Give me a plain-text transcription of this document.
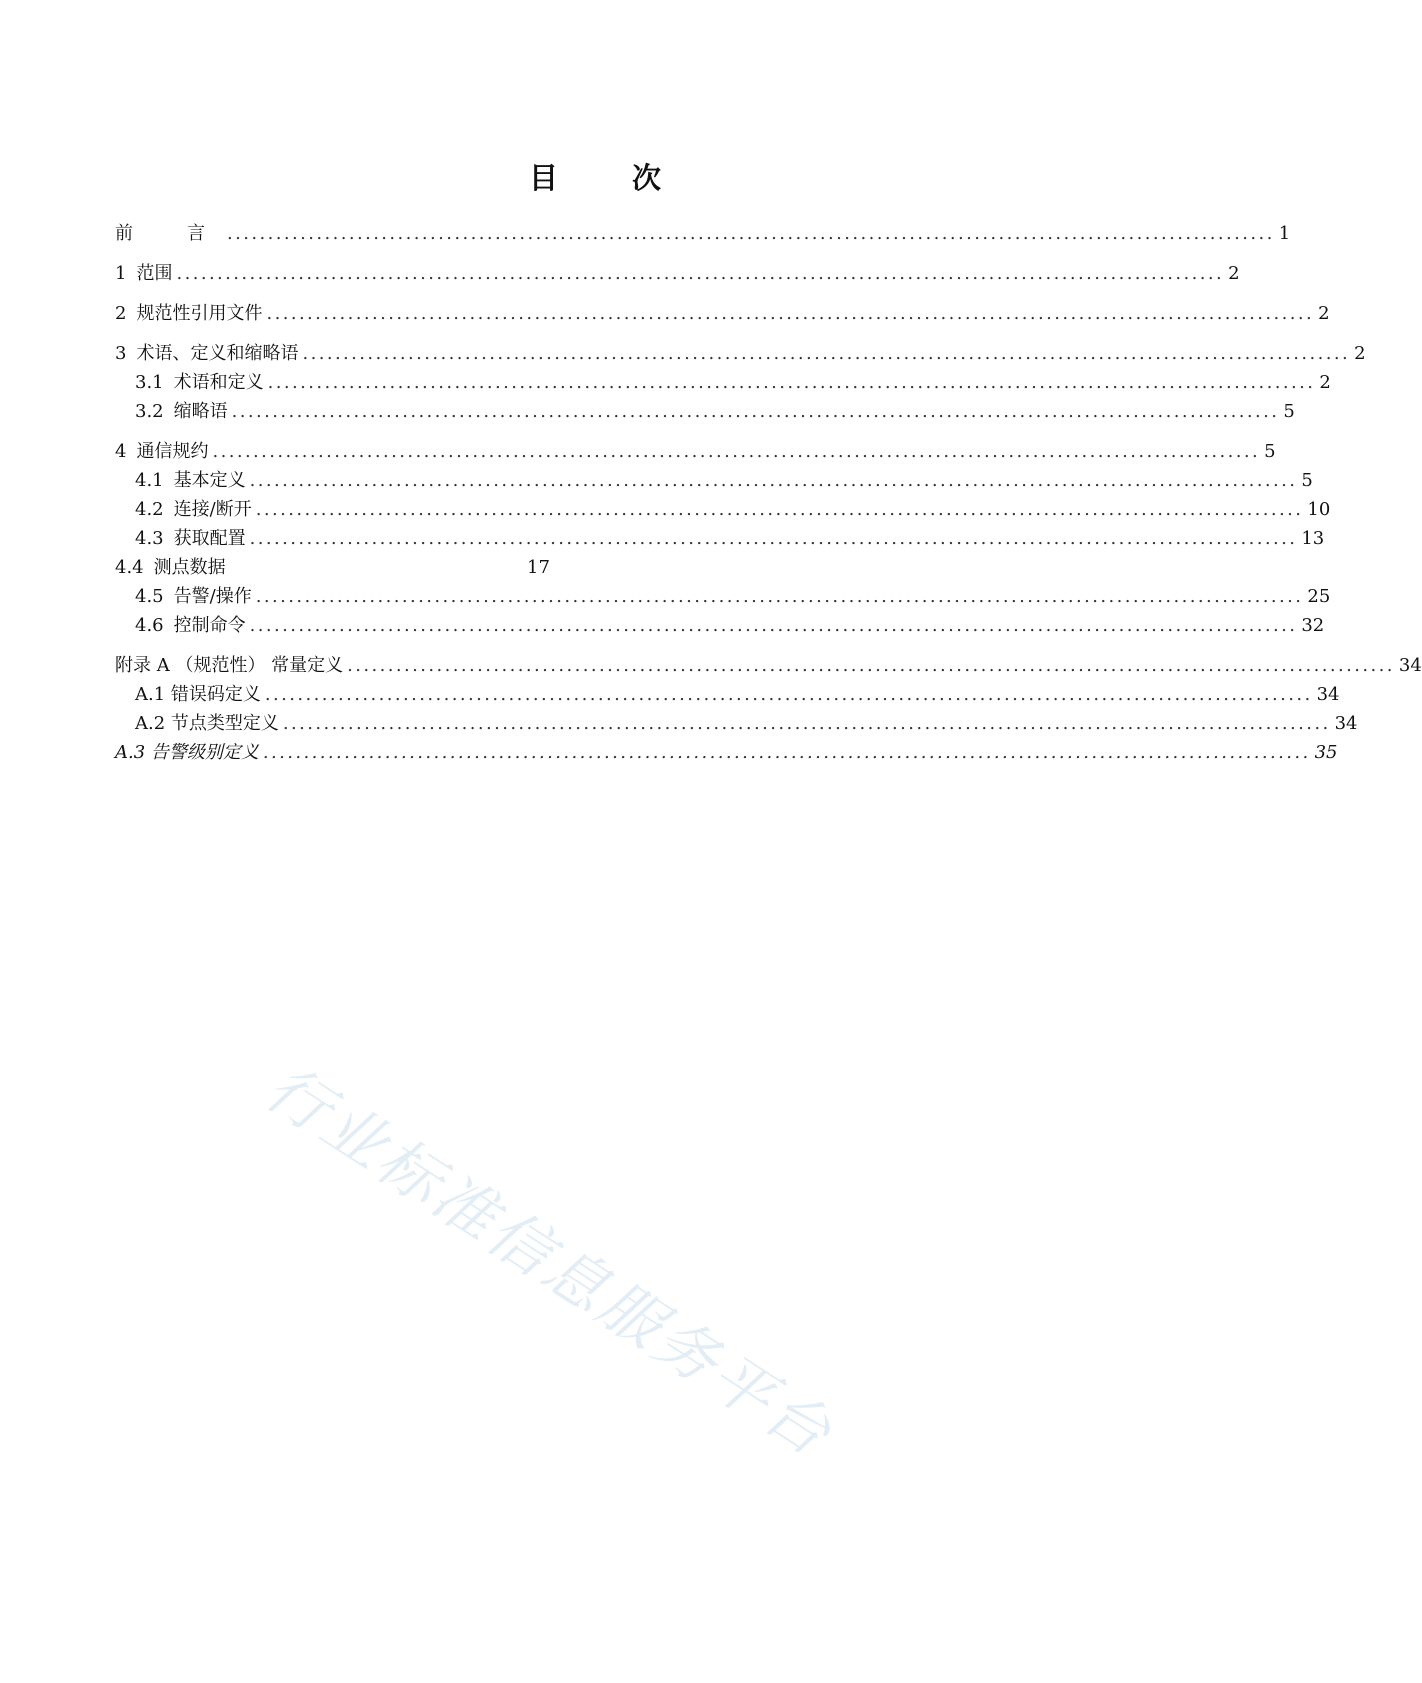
目 次
前　言 ................................................................................................................................. 1
1 范围 ................................................................................................................................. 2
2 规范性引用文件 ................................................................................................................................. 2
3 术语、定义和缩略语 ................................................................................................................................. 2
3.1 术语和定义 ................................................................................................................................. 2
3.2 缩略语 ................................................................................................................................. 5
4 通信规约 ................................................................................................................................. 5
4.1 基本定义 ................................................................................................................................. 5
4.2 连接/断开 ................................................................................................................................. 10
4.3 获取配置 ................................................................................................................................. 13
4.4 测点数据	17
4.5 告警/操作 ................................................................................................................................. 25
4.6 控制命令 ................................................................................................................................. 32
附录 A （规范性） 常量定义 ................................................................................................................................. 34
A.1 错误码定义 ................................................................................................................................. 34
A.2 节点类型定义 ................................................................................................................................. 34
A.3 告警级别定义 ................................................................................................................................. 35
行业标准信息服务平台
